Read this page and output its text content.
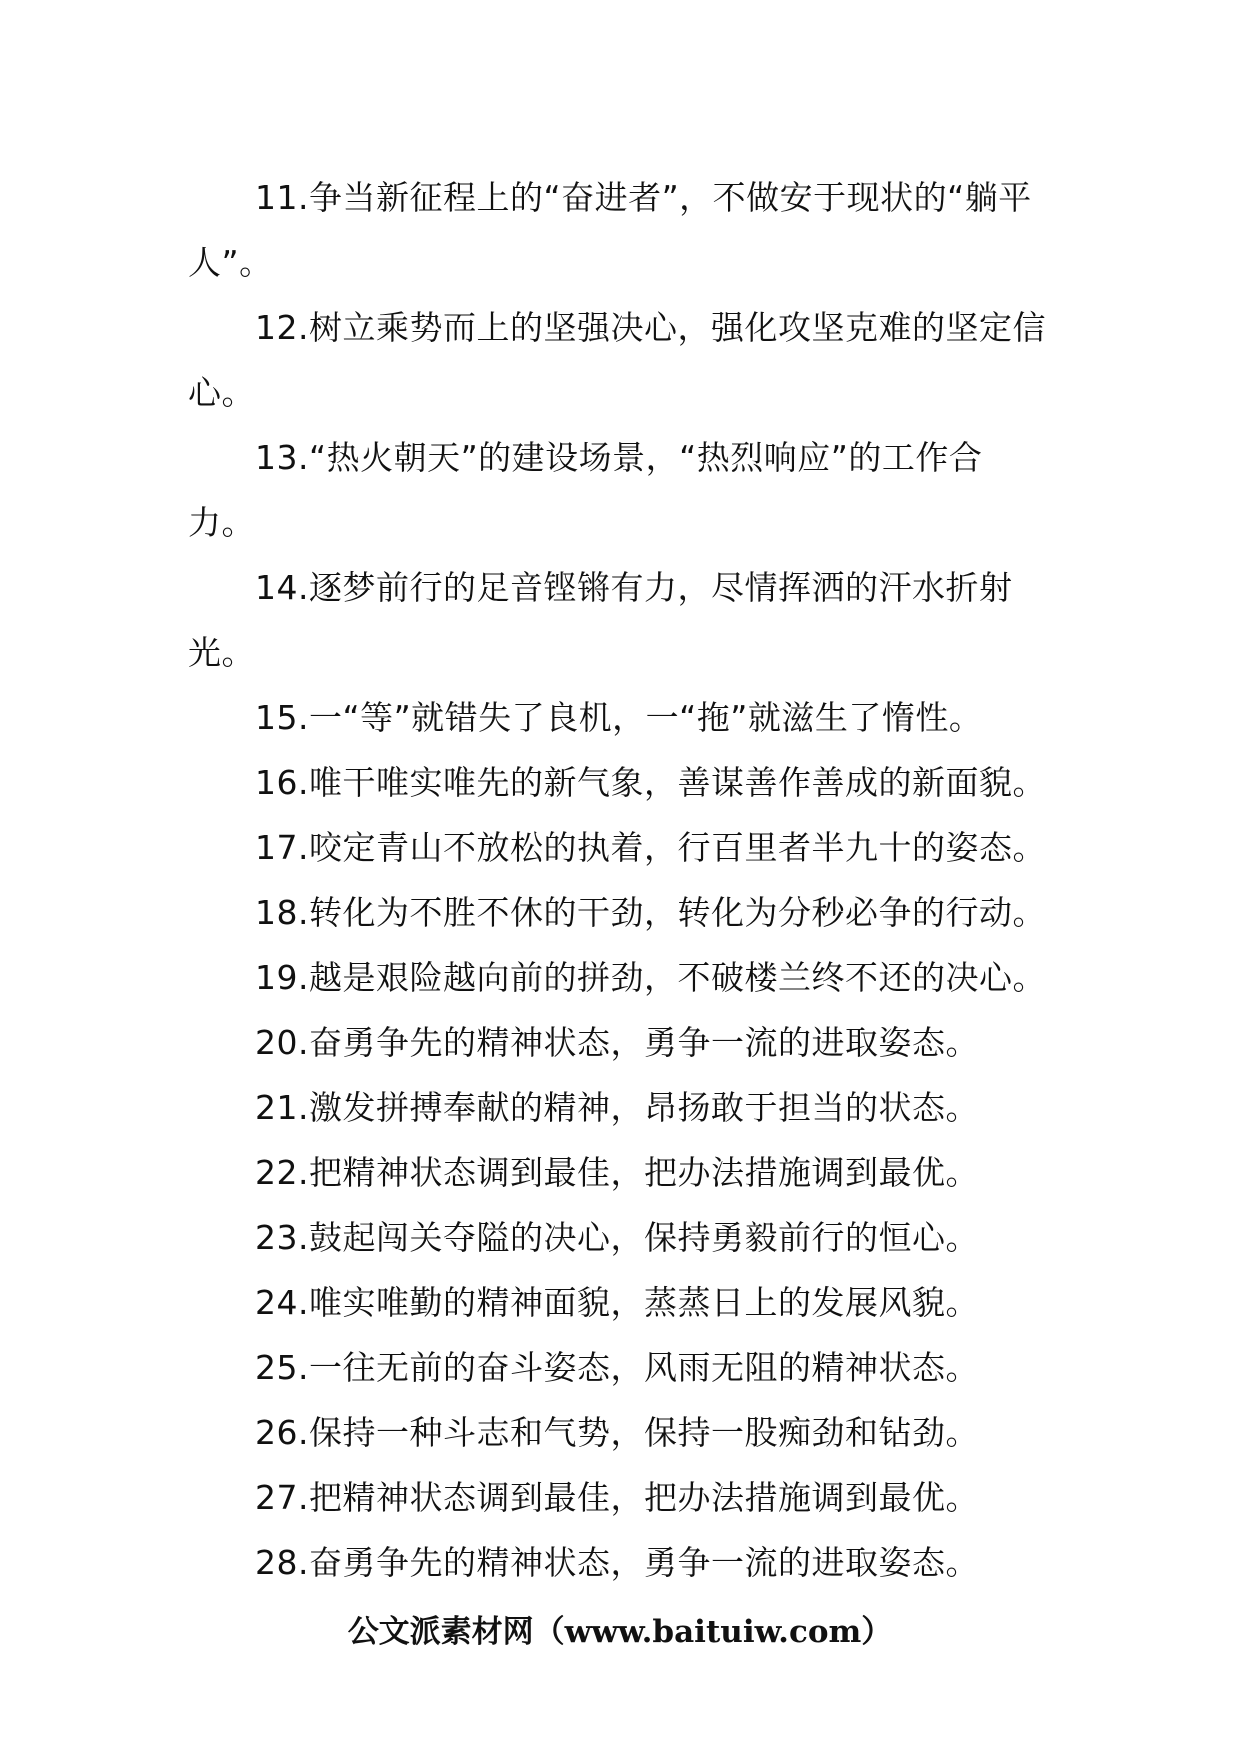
11.争当新征程上的“奋进者”，不做安于现状的“躺平人”。

12.树立乘势而上的坚强决心，强化攻坚克难的坚定信心。

13.“热火朝天”的建设场景，“热烈响应”的工作合力。

14.逐梦前行的足音铿锵有力，尽情挥洒的汗水折射光。

15.一“等”就错失了良机，一“拖”就滋生了惰性。

16.唯干唯实唯先的新气象，善谋善作善成的新面貌。

17.咬定青山不放松的执着，行百里者半九十的姿态。

18.转化为不胜不休的干劲，转化为分秒必争的行动。

19.越是艰险越向前的拼劲，不破楼兰终不还的决心。

20.奋勇争先的精神状态，勇争一流的进取姿态。

21.激发拼搏奉献的精神，昂扬敢于担当的状态。

22.把精神状态调到最佳，把办法措施调到最优。

23.鼓起闯关夺隘的决心，保持勇毅前行的恒心。

24.唯实唯勤的精神面貌，蒸蒸日上的发展风貌。

25.一往无前的奋斗姿态，风雨无阻的精神状态。

26.保持一种斗志和气势，保持一股痴劲和钻劲。

27.把精神状态调到最佳，把办法措施调到最优。

28.奋勇争先的精神状态，勇争一流的进取姿态。

公文派素材网（www.baituiw.com）
